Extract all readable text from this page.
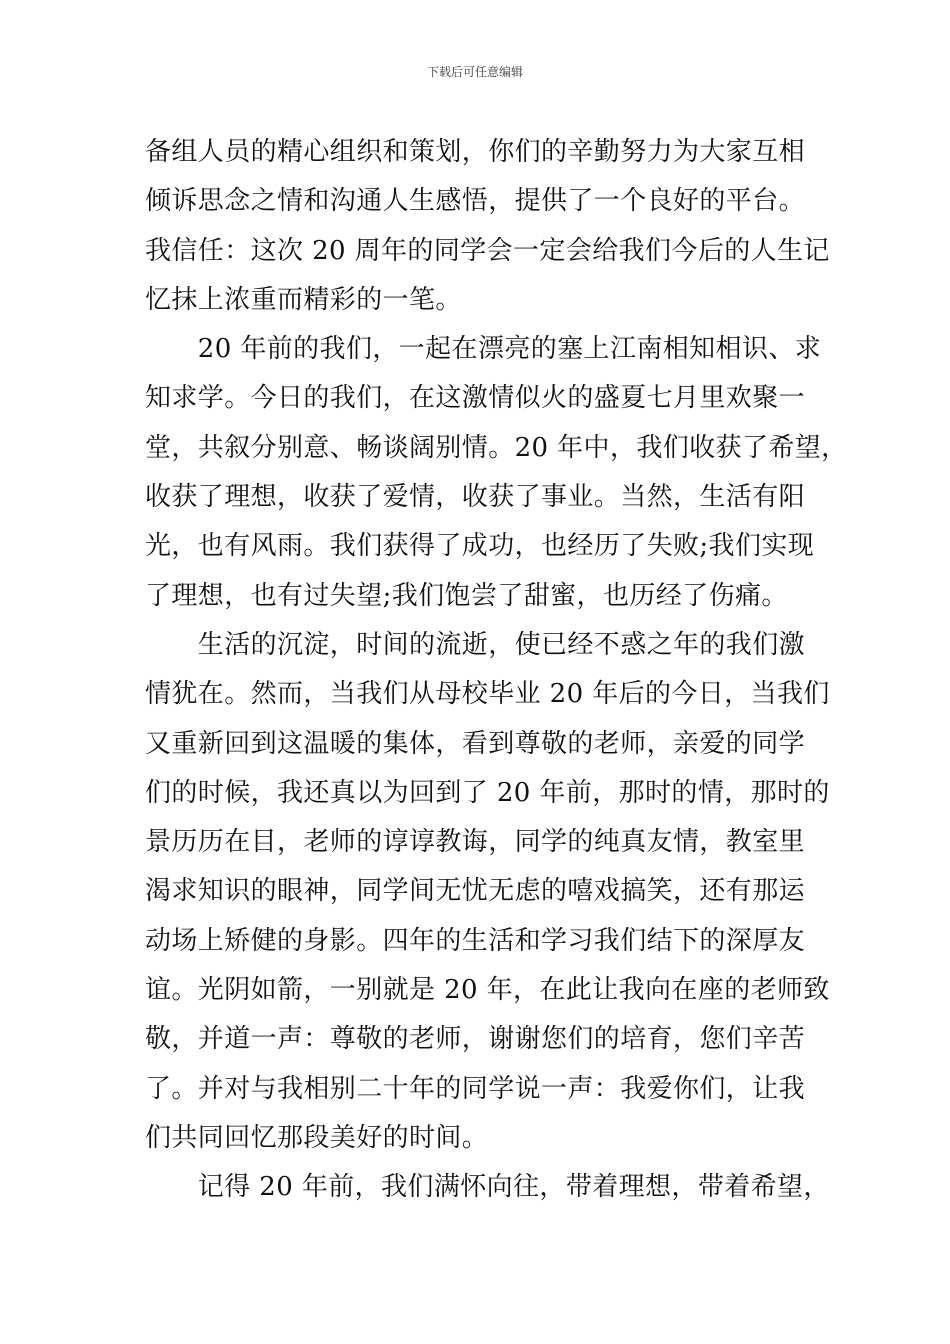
下载后可任意编辑
备组人员的精心组织和策划，你们的辛勤努力为大家互相
倾诉思念之情和沟通人生感悟，提供了一个良好的平台。
我信任：这次 20 周年的同学会一定会给我们今后的人生记
忆抹上浓重而精彩的一笔。
　　20 年前的我们，一起在漂亮的塞上江南相知相识、求
知求学。今日的我们，在这激情似火的盛夏七月里欢聚一
堂，共叙分别意、畅谈阔别情。20 年中，我们收获了希望，
收获了理想，收获了爱情，收获了事业。当然，生活有阳
光，也有风雨。我们获得了成功，也经历了失败;我们实现
了理想，也有过失望;我们饱尝了甜蜜，也历经了伤痛。
　　生活的沉淀，时间的流逝，使已经不惑之年的我们激
情犹在。然而，当我们从母校毕业 20 年后的今日，当我们
又重新回到这温暖的集体，看到尊敬的老师，亲爱的同学
们的时候，我还真以为回到了 20 年前，那时的情，那时的
景历历在目，老师的谆谆教诲，同学的纯真友情，教室里
渴求知识的眼神，同学间无忧无虑的嘻戏搞笑，还有那运
动场上矫健的身影。四年的生活和学习我们结下的深厚友
谊。光阴如箭，一别就是 20 年，在此让我向在座的老师致
敬，并道一声：尊敬的老师，谢谢您们的培育，您们辛苦
了。并对与我相别二十年的同学说一声：我爱你们，让我
们共同回忆那段美好的时间。
　　记得 20 年前，我们满怀向往，带着理想，带着希望，
